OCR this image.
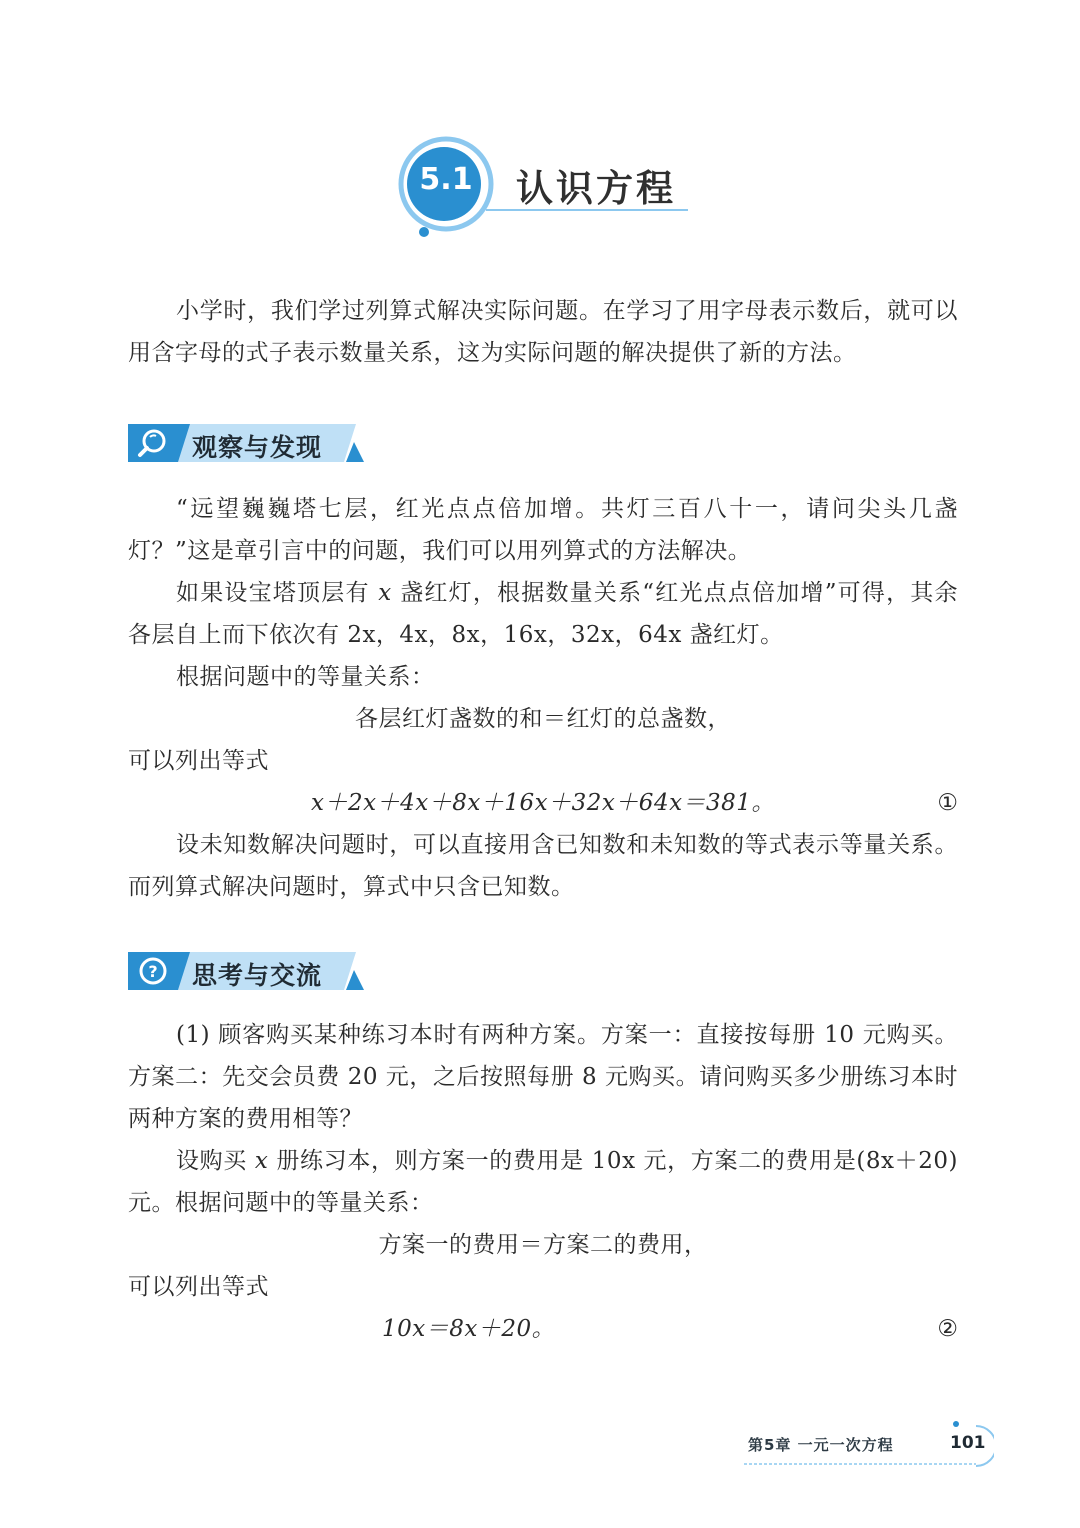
5.1 认识方程

小学时，我们学过列算式解决实际问题。在学习了用字母表示数后，就可以用含字母的式子表示数量关系，这为实际问题的解决提供了新的方法。

观察与发现

“远望巍巍塔七层，红光点点倍加增。共灯三百八十一，请问尖头几盏灯？”这是章引言中的问题，我们可以用列算式的方法解决。

如果设宝塔顶层有 x 盏红灯，根据数量关系“红光点点倍加增”可得，其余各层自上而下依次有 2x，4x，8x，16x，32x，64x 盏红灯。

根据问题中的等量关系：

各层红灯盏数的和＝红灯的总盏数，

可以列出等式

x＋2x＋4x＋8x＋16x＋32x＋64x＝381。	①

设未知数解决问题时，可以直接用含已知数和未知数的等式表示等量关系。而列算式解决问题时，算式中只含已知数。

? 思考与交流

(1) 顾客购买某种练习本时有两种方案。方案一：直接按每册 10 元购买。方案二：先交会员费 20 元，之后按照每册 8 元购买。请问购买多少册练习本时两种方案的费用相等？

设购买 x 册练习本，则方案一的费用是 10x 元，方案二的费用是(8x＋20)元。根据问题中的等量关系：

方案一的费用＝方案二的费用，

可以列出等式

10x＝8x＋20。	②
第5章 一元一次方程	101
